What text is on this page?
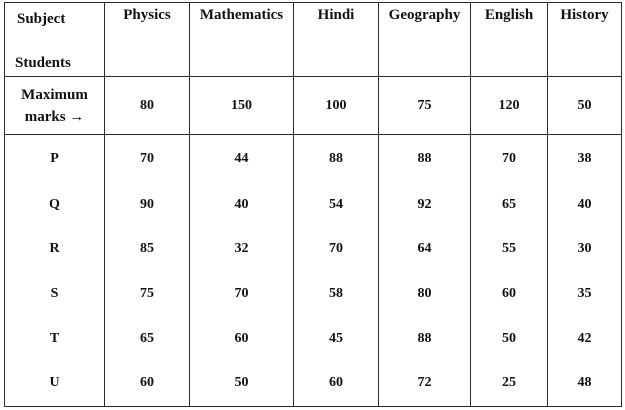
Subject
Students	Physics	Mathematics	Hindi	Geography	English	History

Maximum
marks →	80	150	100	75	120	50
P	70	44	88	88	70	38
Q	90	40	54	92	65	40
R	85	32	70	64	55	30
S	75	70	58	80	60	35
T	65	60	45	88	50	42
U	60	50	60	72	25	48
